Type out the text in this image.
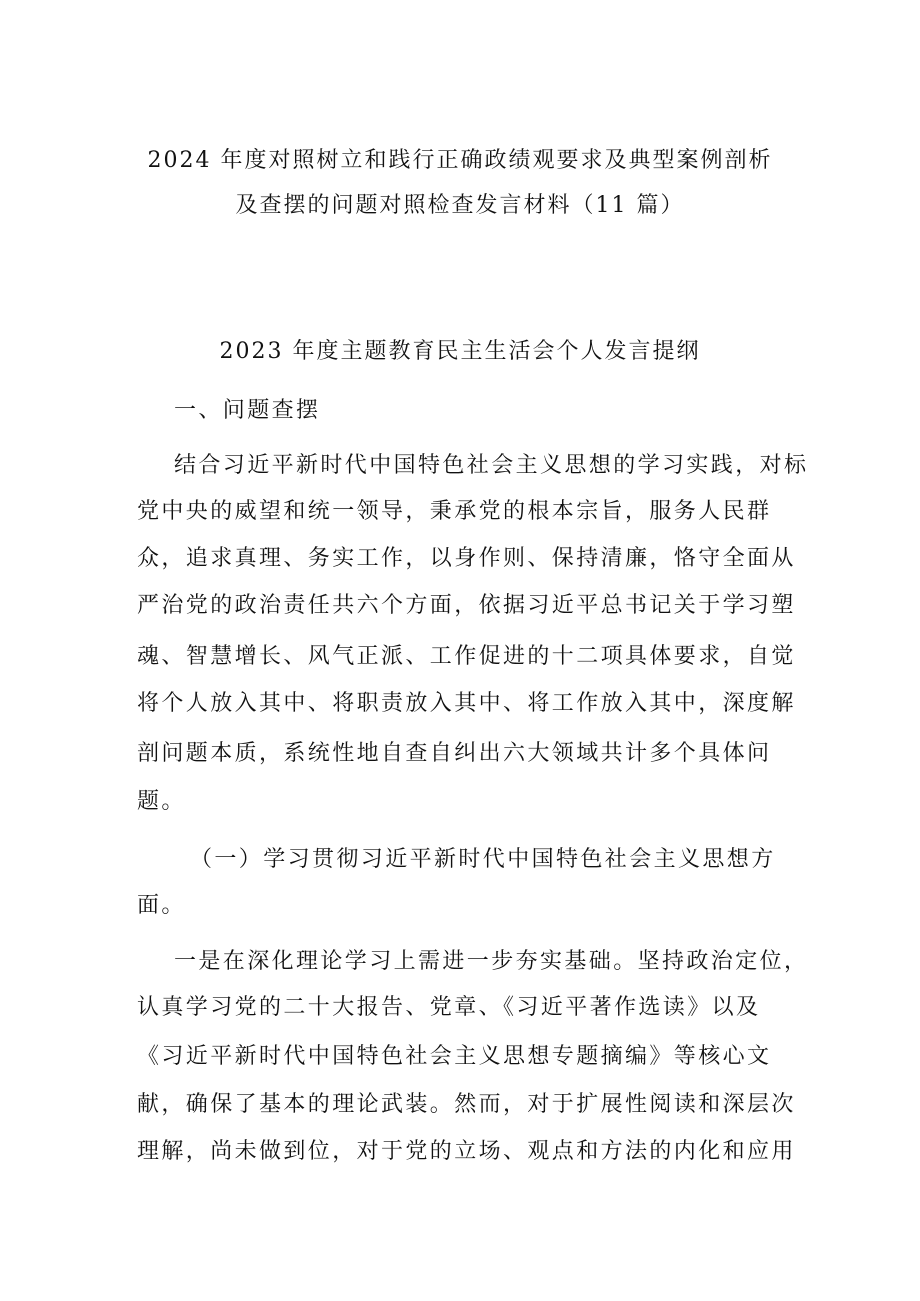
2024 年度对照树立和践行正确政绩观要求及典型案例剖析
及查摆的问题对照检查发言材料（11 篇）
2023 年度主题教育民主生活会个人发言提纲
一、问题查摆
结合习近平新时代中国特色社会主义思想的学习实践，对标
党中央的威望和统一领导，秉承党的根本宗旨，服务人民群
众，追求真理、务实工作，以身作则、保持清廉，恪守全面从
严治党的政治责任共六个方面，依据习近平总书记关于学习塑
魂、智慧增长、风气正派、工作促进的十二项具体要求，自觉
将个人放入其中、将职责放入其中、将工作放入其中，深度解
剖问题本质，系统性地自查自纠出六大领域共计多个具体问
题。
（一）学习贯彻习近平新时代中国特色社会主义思想方
面。
一是在深化理论学习上需进一步夯实基础。坚持政治定位，
认真学习党的二十大报告、党章、《习近平著作选读》以及
《习近平新时代中国特色社会主义思想专题摘编》等核心文
献，确保了基本的理论武装。然而，对于扩展性阅读和深层次
理解，尚未做到位，对于党的立场、观点和方法的内化和应用
